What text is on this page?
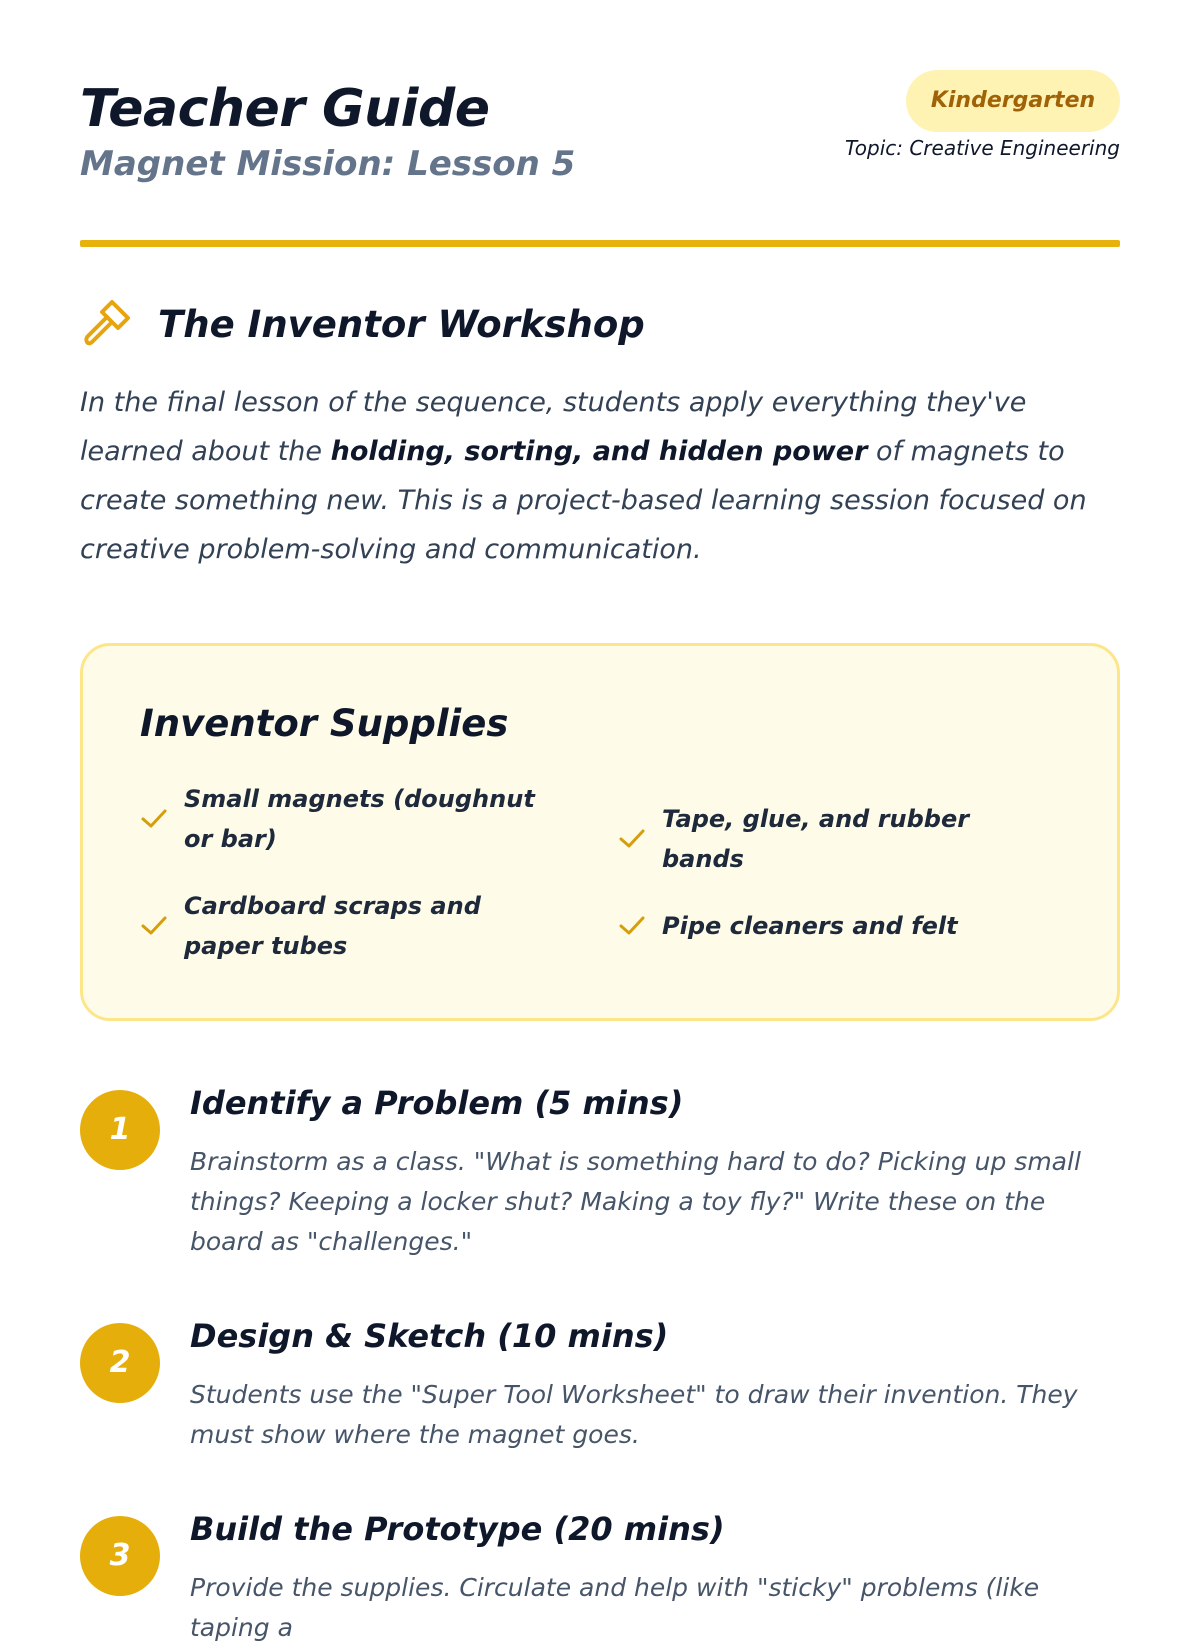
Teacher Guide
Magnet Mission: Lesson 5
Kindergarten
Topic: Creative Engineering
The Inventor Workshop

In the final lesson of the sequence, students apply everything they've learned about the holding, sorting, and hidden power of magnets to create something new. This is a project-based learning session focused on creative problem-solving and communication.

Inventor Supplies
Small magnets (doughnut or bar)
Tape, glue, and rubber bands
Cardboard scraps and paper tubes
Pipe cleaners and felt
1
Identify a Problem (5 mins)

Brainstorm as a class. "What is something hard to do? Picking up small things? Keeping a locker shut? Making a toy fly?" Write these on the board as "challenges."

2
Design & Sketch (10 mins)

Students use the "Super Tool Worksheet" to draw their invention. They must show where the magnet goes.

3
Build the Prototype (20 mins)

Provide the supplies. Circulate and help with "sticky" problems (like taping a
